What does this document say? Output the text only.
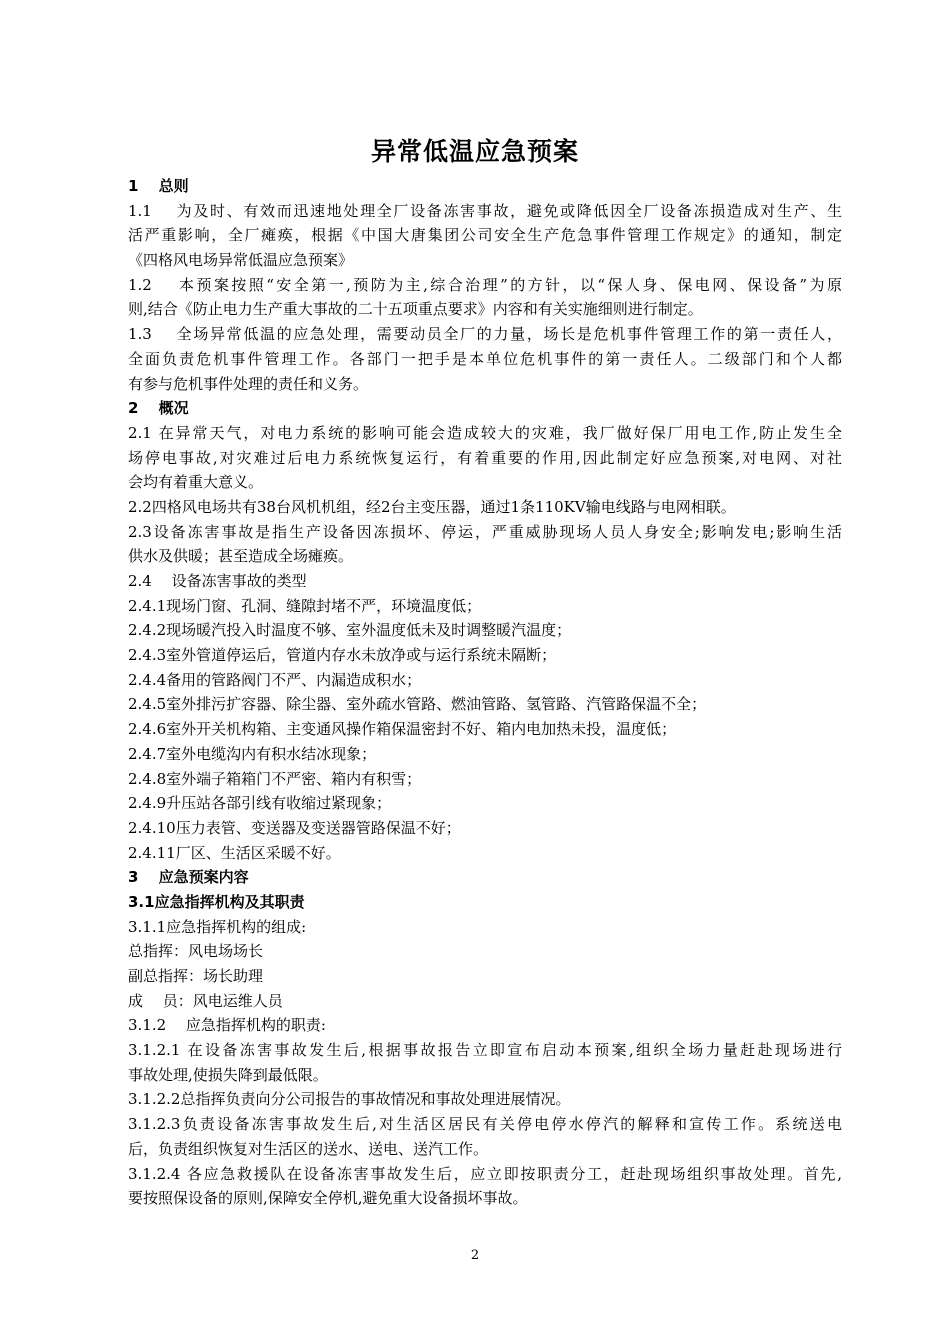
异常低温应急预案
1　 总则
1.1　 为及时、有效而迅速地处理全厂设备冻害事故，避免或降低因全厂设备冻损造成对生产、生
活严重影响，全厂瘫痪，根据《中国大唐集团公司安全生产危急事件管理工作规定》的通知，制定
《四格风电场异常低温应急预案》
1.2　 本预案按照“安全第一,预防为主,综合治理”的方针，以“保人身、保电网、保设备”为原
则,结合《防止电力生产重大事故的二十五项重点要求》内容和有关实施细则进行制定。
1.3　 全场异常低温的应急处理，需要动员全厂的力量，场长是危机事件管理工作的第一责任人，
全面负责危机事件管理工作。各部门一把手是本单位危机事件的第一责任人。二级部门和个人都
有参与危机事件处理的责任和义务。
2　 概况
2.1 在异常天气，对电力系统的影响可能会造成较大的灾难，我厂做好保厂用电工作,防止发生全
场停电事故,对灾难过后电力系统恢复运行，有着重要的作用,因此制定好应急预案,对电网、对社
会均有着重大意义。
2.2四格风电场共有38台风机机组，经2台主变压器，通过1条110KV输电线路与电网相联。
2.3设备冻害事故是指生产设备因冻损坏、停运，严重威胁现场人员人身安全;影响发电;影响生活
供水及供暖；甚至造成全场瘫痪。
2.4　 设备冻害事故的类型
2.4.1现场门窗、孔洞、缝隙封堵不严，环境温度低；
2.4.2现场暖汽投入时温度不够、室外温度低未及时调整暖汽温度；
2.4.3室外管道停运后，管道内存水未放净或与运行系统未隔断；
2.4.4备用的管路阀门不严、内漏造成积水；
2.4.5室外排污扩容器、除尘器、室外疏水管路、燃油管路、氢管路、汽管路保温不全；
2.4.6室外开关机构箱、主变通风操作箱保温密封不好、箱内电加热未投，温度低；
2.4.7室外电缆沟内有积水结冰现象；
2.4.8室外端子箱箱门不严密、箱内有积雪；
2.4.9升压站各部引线有收缩过紧现象；
2.4.10压力表管、变送器及变送器管路保温不好；
2.4.11厂区、生活区采暖不好。
3　 应急预案内容
3.1应急指挥机构及其职责
3.1.1应急指挥机构的组成:
总指挥：风电场场长
副总指挥：场长助理
成　 员：风电运维人员
3.1.2　 应急指挥机构的职责:
3.1.2.1 在设备冻害事故发生后,根据事故报告立即宣布启动本预案,组织全场力量赶赴现场进行
事故处理,使损失降到最低限。
3.1.2.2总指挥负责向分公司报告的事故情况和事故处理进展情况。
3.1.2.3负责设备冻害事故发生后,对生活区居民有关停电停水停汽的解释和宣传工作。系统送电
后，负责组织恢复对生活区的送水、送电、送汽工作。
3.1.2.4 各应急救援队在设备冻害事故发生后，应立即按职责分工，赶赴现场组织事故处理。首先,
要按照保设备的原则,保障安全停机,避免重大设备损坏事故。
2
